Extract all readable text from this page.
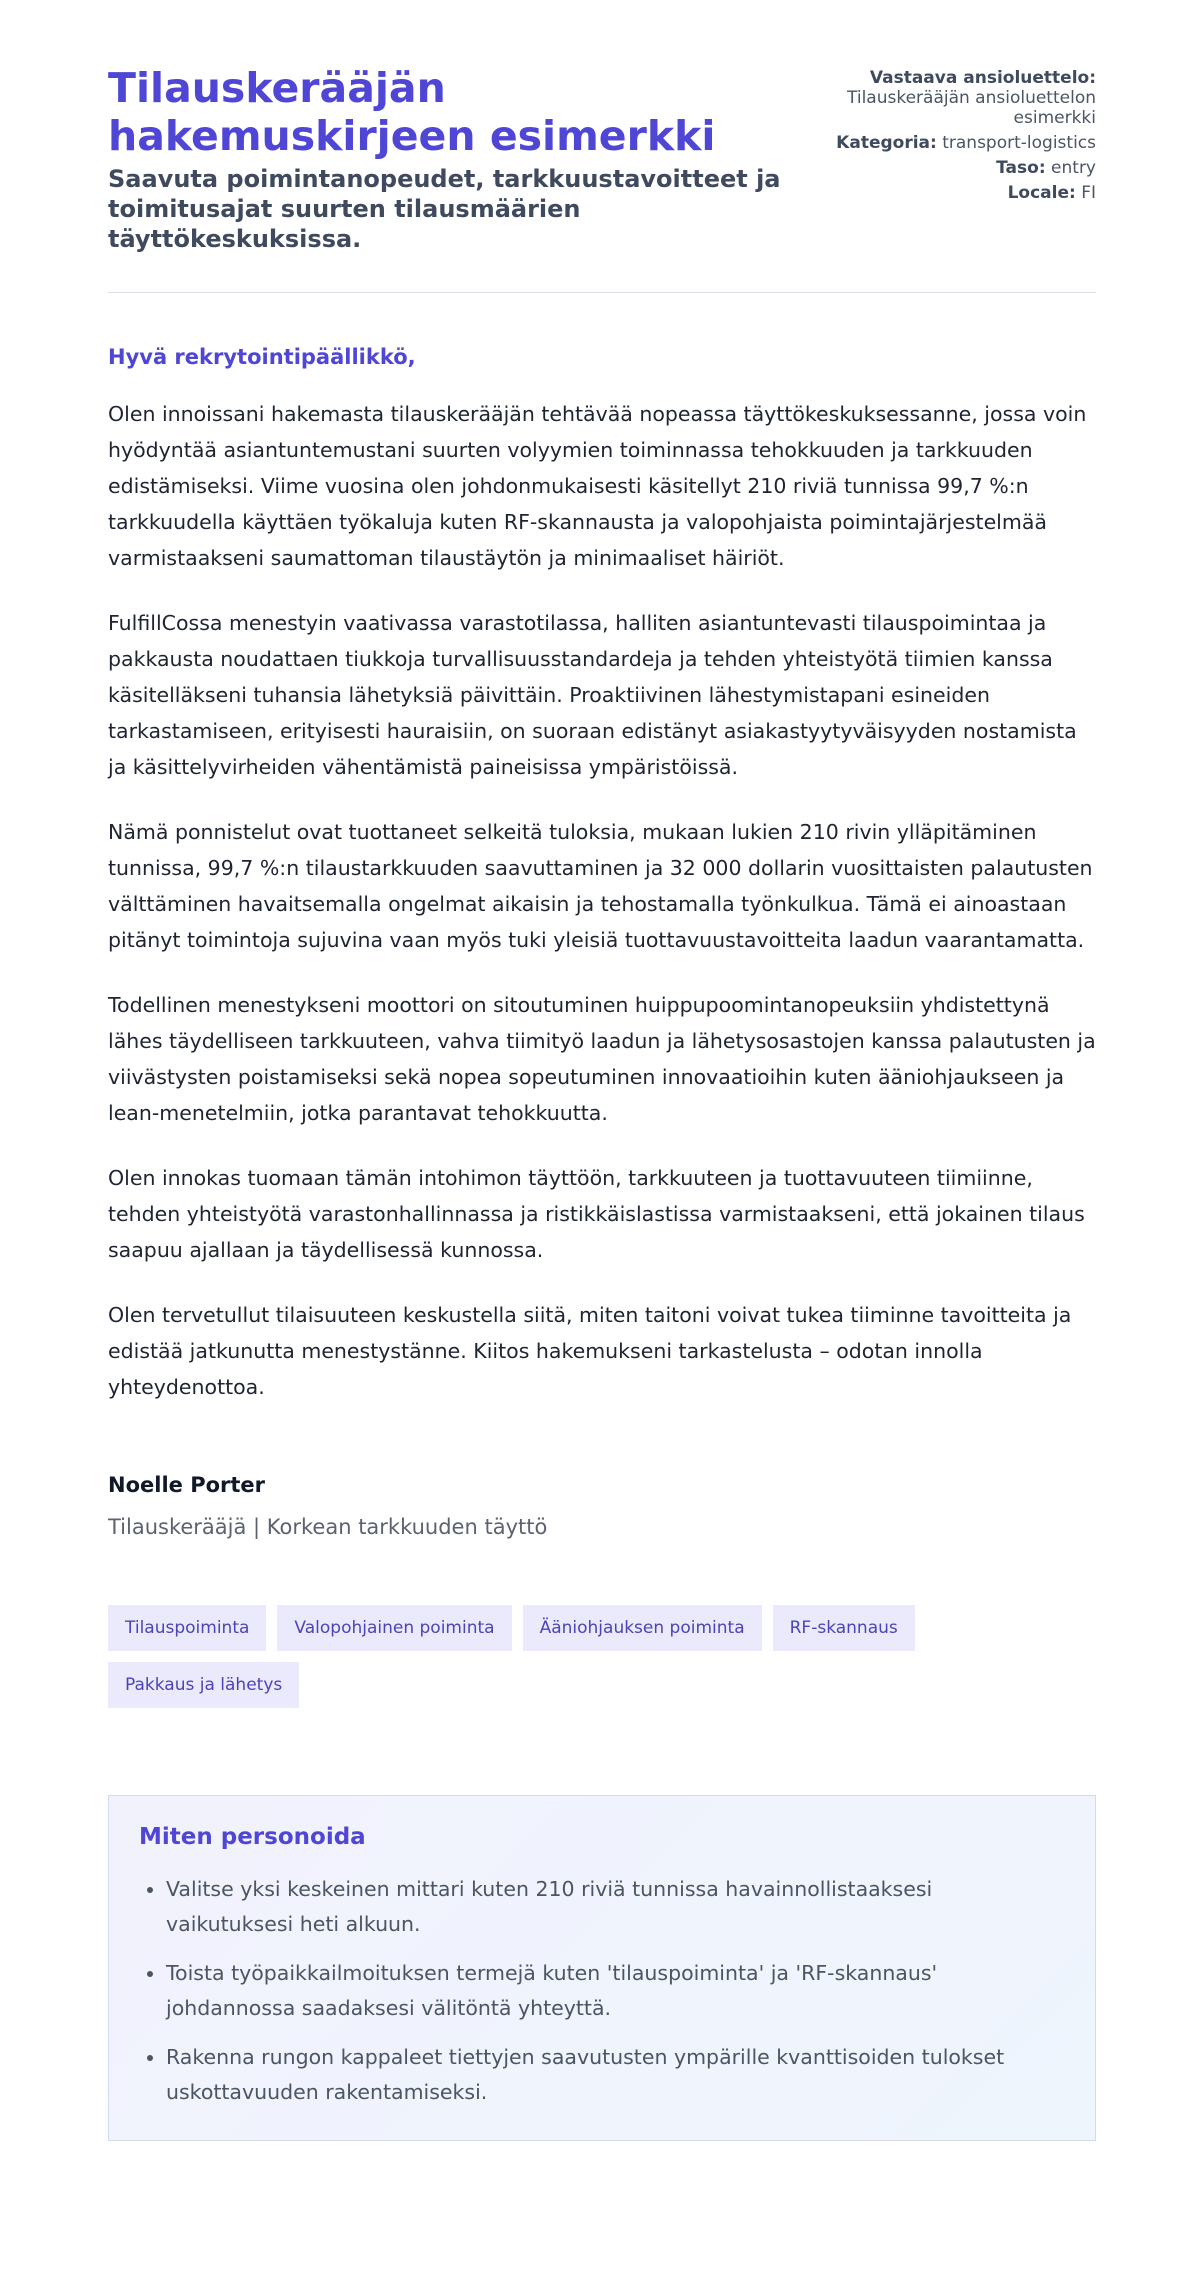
Tilauskerääjän hakemuskirjeen esimerkki
Saavuta poimintanopeudet, tarkkuustavoitteet ja toimitusajat suurten tilausmäärien täyttökeskuksissa.
Vastaava ansioluettelo:
Tilauskerääjän ansioluettelon esimerkki
Kategoria: transport-logistics
Taso: entry
Locale: FI

Hyvä rekrytointipäällikkö,

Olen innoissani hakemasta tilauskerääjän tehtävää nopeassa täyttökeskuksessanne, jossa voin hyödyntää asiantuntemustani suurten volyymien toiminnassa tehokkuuden ja tarkkuuden edistämiseksi. Viime vuosina olen johdonmukaisesti käsitellyt 210 riviä tunnissa 99,7 %:n tarkkuudella käyttäen työkaluja kuten RF-skannausta ja valopohjaista poimintajärjestelmää varmistaakseni saumattoman tilaustäytön ja minimaaliset häiriöt.

FulfillCossa menestyin vaativassa varastotilassa, halliten asiantuntevasti tilauspoimintaa ja pakkausta noudattaen tiukkoja turvallisuusstandardeja ja tehden yhteistyötä tiimien kanssa käsitelläkseni tuhansia lähetyksiä päivittäin. Proaktiivinen lähestymistapani esineiden tarkastamiseen, erityisesti hauraisiin, on suoraan edistänyt asiakastyytyväisyyden nostamista ja käsittelyvirheiden vähentämistä paineisissa ympäristöissä.

Nämä ponnistelut ovat tuottaneet selkeitä tuloksia, mukaan lukien 210 rivin ylläpitäminen tunnissa, 99,7 %:n tilaustarkkuuden saavuttaminen ja 32 000 dollarin vuosittaisten palautusten välttäminen havaitsemalla ongelmat aikaisin ja tehostamalla työnkulkua. Tämä ei ainoastaan pitänyt toimintoja sujuvina vaan myös tuki yleisiä tuottavuustavoitteita laadun vaarantamatta.

Todellinen menestykseni moottori on sitoutuminen huippupoomintanopeuksiin yhdistettynä lähes täydelliseen tarkkuuteen, vahva tiimityö laadun ja lähetysosastojen kanssa palautusten ja viivästysten poistamiseksi sekä nopea sopeutuminen innovaatioihin kuten ääniohjaukseen ja lean-menetelmiin, jotka parantavat tehokkuutta.

Olen innokas tuomaan tämän intohimon täyttöön, tarkkuuteen ja tuottavuuteen tiimiinne, tehden yhteistyötä varastonhallinnassa ja ristikkäislastissa varmistaakseni, että jokainen tilaus saapuu ajallaan ja täydellisessä kunnossa.

Olen tervetullut tilaisuuteen keskustella siitä, miten taitoni voivat tukea tiiminne tavoitteita ja edistää jatkunutta menestystänne. Kiitos hakemukseni tarkastelusta – odotan innolla yhteydenottoa.

Noelle Porter

Tilauskerääjä | Korkean tarkkuuden täyttö

Tilauspoiminta	Valopohjainen poiminta	Ääniohjauksen poiminta	RF-skannaus
Pakkaus ja lähetys
Miten personoida
• Valitse yksi keskeinen mittari kuten 210 riviä tunnissa havainnollistaaksesi vaikutuksesi heti alkuun.
• Toista työpaikkailmoituksen termejä kuten 'tilauspoiminta' ja 'RF-skannaus' johdannossa saadaksesi välitöntä yhteyttä.
• Rakenna rungon kappaleet tiettyjen saavutusten ympärille kvanttisoiden tulokset uskottavuuden rakentamiseksi.
